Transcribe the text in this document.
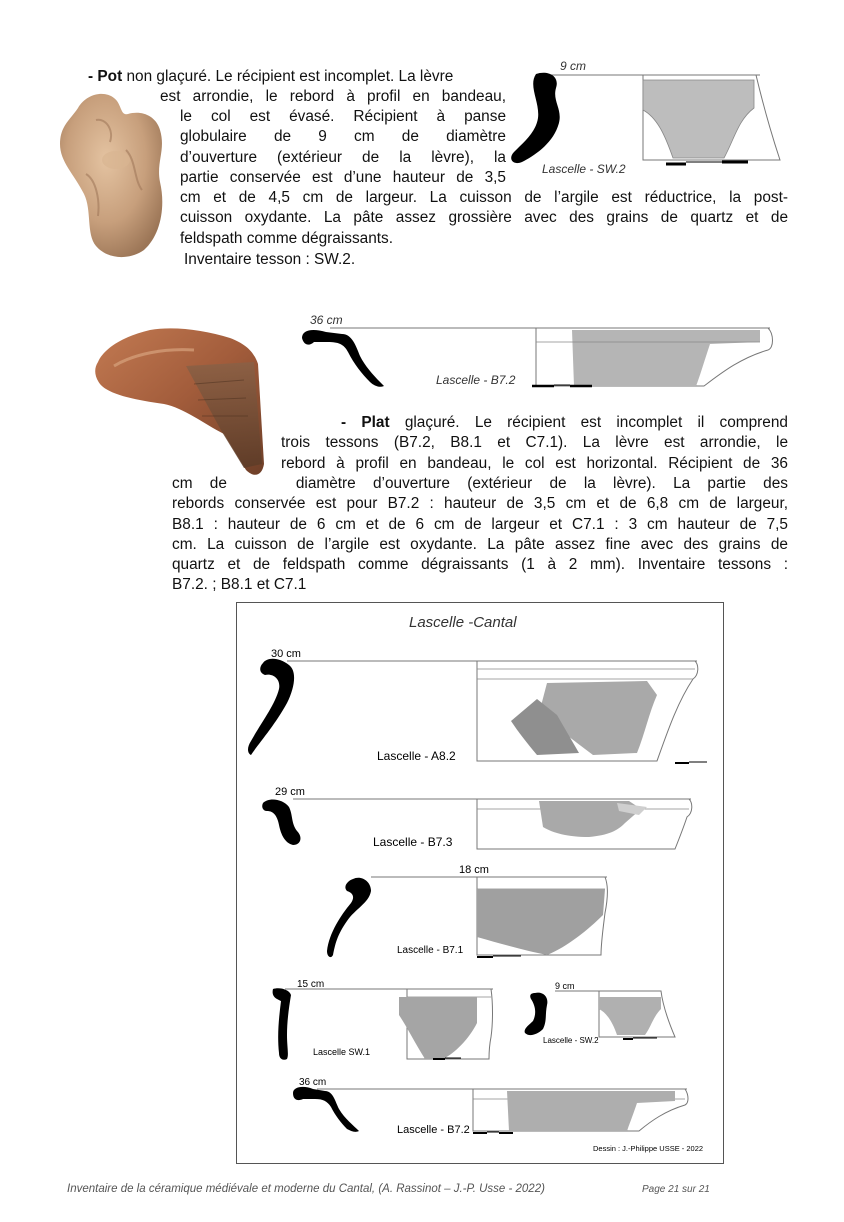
9 cm
Lascelle - SW.2
- Pot non glaçuré. Le récipient est incomplet. La lèvre
est arrondie, le rebord à profil en bandeau,
le col est évasé. Récipient à panse
globulaire de 9 cm de diamètre
d’ouverture (extérieur de la lèvre), la
partie conservée est d’une hauteur de 3,5
cm et de 4,5 cm de largeur. La cuisson de l’argile est réductrice, la post-
cuisson oxydante. La pâte assez grossière avec des grains de quartz et de
feldspath comme dégraissants.
Inventaire tesson : SW.2.
36 cm
Lascelle - B7.2
- Plat glaçuré. Le récipient est incomplet il comprend
trois tessons (B7.2, B8.1 et C7.1). La lèvre est arrondie, le
rebord à profil en bandeau, le col est horizontal. Récipient de 36
cm de    diamètre d’ouverture (extérieur de la lèvre). La partie des
rebords conservée est pour B7.2 : hauteur de 3,5 cm et de 6,8 cm de largeur,
B8.1 : hauteur de 6 cm et de 6 cm de largeur et C7.1 : 3 cm hauteur de 7,5
cm. La cuisson de l’argile est oxydante. La pâte assez fine avec des grains de
quartz et de feldspath comme dégraissants (1 à 2 mm). Inventaire tessons :
B7.2. ; B8.1 et C7.1
Lascelle -Cantal
30 cm
Lascelle - A8.2
29 cm
Lascelle - B7.3
18 cm
Lascelle - B7.1
15 cm
Lascelle SW.1
9 cm
Lascelle - SW.2
36 cm
Lascelle - B7.2
Dessin : J.-Philippe USSE - 2022
Inventaire de la céramique médiévale et moderne du Cantal, (A. Rassinot – J.-P. Usse - 2022)	Page 21 sur 21
